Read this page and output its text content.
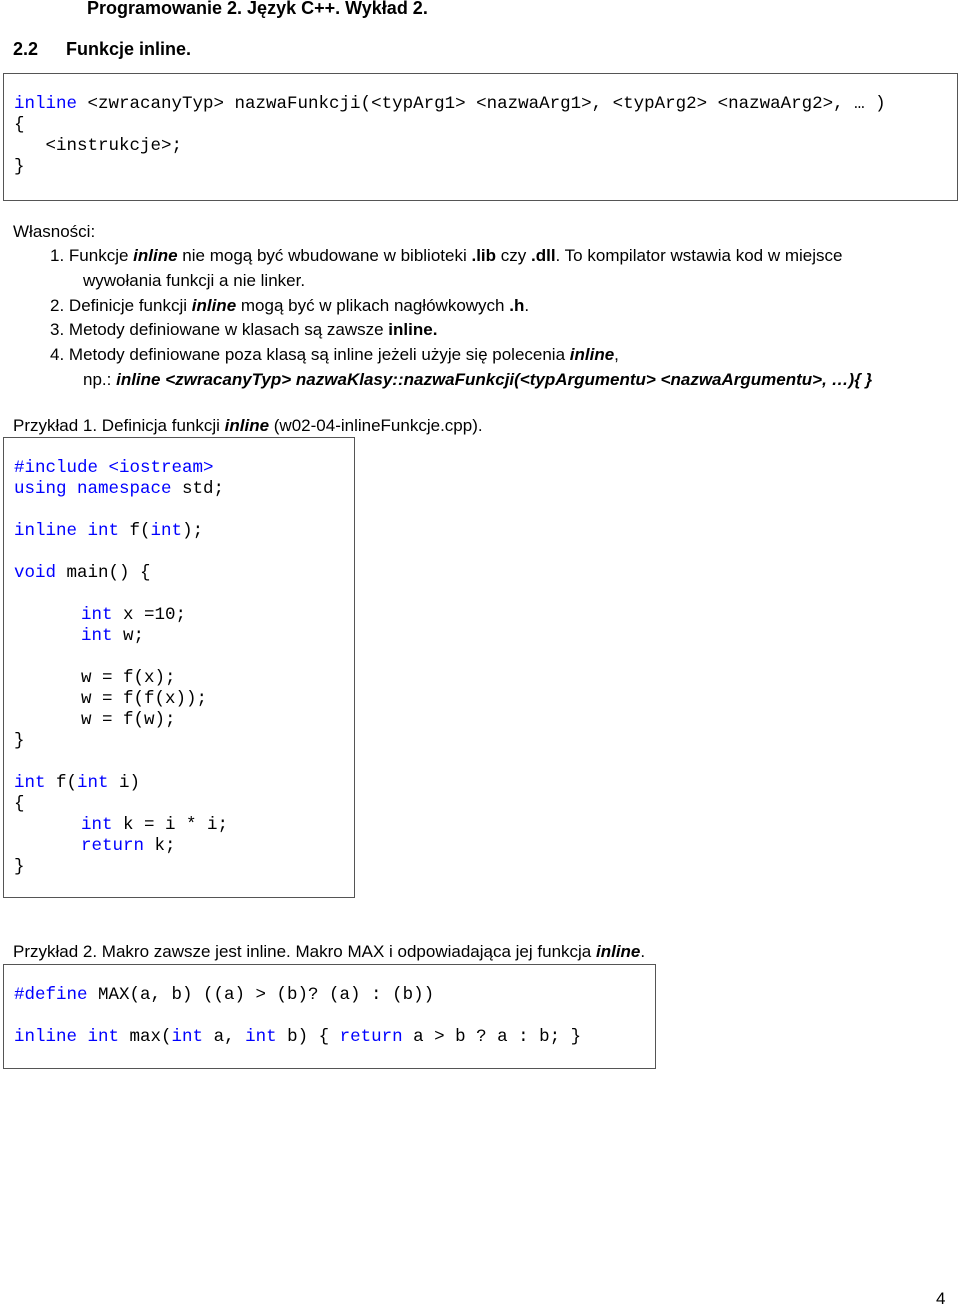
Programowanie 2. Język C++. Wykład 2.
2.2 Funkcje inline.
inline <zwracanyTyp> nazwaFunkcji(<typArg1> <nazwaArg1>, <typArg2> <nazwaArg2>, … )
{
<instrukcje>;
}
Własności:
1. Funkcje inline nie mogą być wbudowane w biblioteki .lib czy .dll. To kompilator wstawia kod w miejsce
wywołania funkcji a nie linker.
2. Definicje funkcji inline mogą być w plikach nagłówkowych .h.
3. Metody definiowane w klasach są zawsze inline.
4. Metody definiowane poza klasą są inline jeżeli użyje się polecenia inline,
np.: inline <zwracanyTyp> nazwaKlasy::nazwaFunkcji(<typArgumentu> <nazwaArgumentu>, …){ }
Przykład 1. Definicja funkcji inline (w02-04-inlineFunkcje.cpp).
#include <iostream>
using namespace std;
inline int f(int);
void main() {
int x =10;
int w;
w = f(x);
w = f(f(x));
w = f(w);
}
int f(int i)
{
int k = i * i;
return k;
}
Przykład 2. Makro zawsze jest inline. Makro MAX i odpowiadająca jej funkcja inline.
#define MAX(a, b) ((a) > (b)? (a) : (b))
inline int max(int a, int b) { return a > b ? a : b; }
4
